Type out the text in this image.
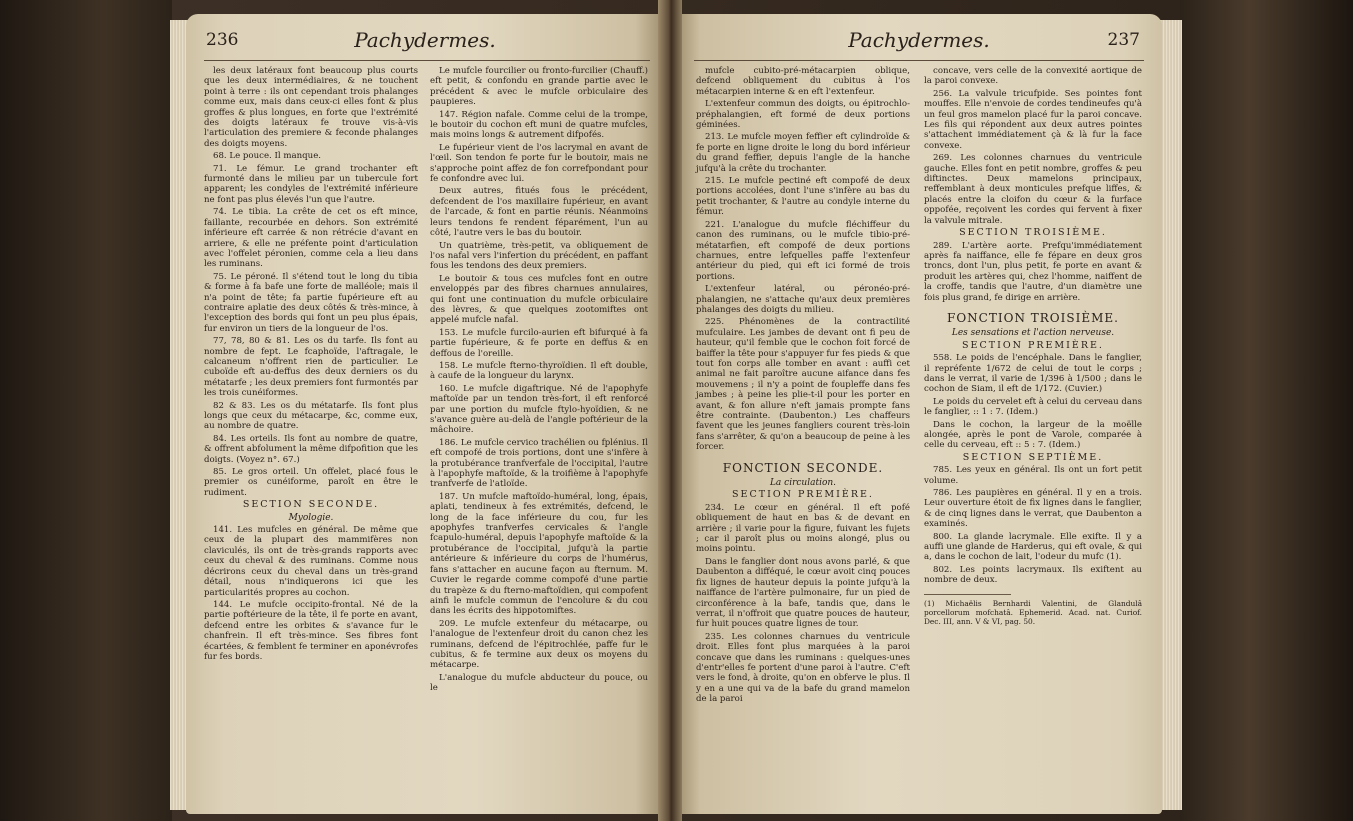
236	Pachydermes.

les deux latéraux font beaucoup plus courts que les deux intermédiaires, & ne touchent point à terre : ils ont cependant trois phalanges comme eux, mais dans ceux-ci elles font & plus groffes & plus longues, en forte que l'extrémité des doigts latéraux fe trouve vis-à-vis l'articulation des premiere & feconde phalanges des doigts moyens.

68. Le pouce. Il manque.

71. Le fémur. Le grand trochanter eft furmonté dans le milieu par un tubercule fort apparent; les condyles de l'extrémité inférieure ne font pas plus élevés l'un que l'autre.

74. Le tibia. La crête de cet os eft mince, faillante, recourbée en dehors. Son extrémité inférieure eft carrée & non rétrécie d'avant en arriere, & elle ne préfente point d'articulation avec l'offelet péronien, comme cela a lieu dans les ruminans.

75. Le péroné. Il s'étend tout le long du tibia & forme à fa bafe une forte de malléole; mais il n'a point de tête; fa partie fupérieure eft au contraire aplatie des deux côtés & très-mince, à l'exception des bords qui font un peu plus épais, fur environ un tiers de la longueur de l'os.

77, 78, 80 & 81. Les os du tarfe. Ils font au nombre de fept. Le fcaphoïde, l'aftragale, le calcaneum n'offrent rien de particulier. Le cuboïde eft au-deffus des deux derniers os du métatarfe ; les deux premiers font furmontés par les trois cunéiformes.

82 & 83. Les os du métatarfe. Ils font plus longs que ceux du métacarpe, &c, comme eux, au nombre de quatre.

84. Les orteils. Ils font au nombre de quatre, & offrent abfolument la même difpofition que les doigts. (Voyez n°. 67.)

85. Le gros orteil. Un offelet, placé fous le premier os cunéiforme, paroît en être le rudiment.

SECTION SECONDE.

Myologie.

141. Les mufcles en général. De même que ceux de la plupart des mammifères non claviculés, ils ont de très-grands rapports avec ceux du cheval & des ruminans. Comme nous décrirons ceux du cheval dans un très-grand détail, nous n'indiquerons ici que les particularités propres au cochon.

144. Le mufcle occipito-frontal. Né de la partie poftérieure de la tête, il fe porte en avant, defcend entre les orbites & s'avance fur le chanfrein. Il eft très-mince. Ses fibres font écartées, & femblent fe terminer en aponévrofes fur fes bords.

Le mufcle fourcilier ou fronto-furcilier (Chauff.) eft petit, & confondu en grande partie avec le précédent & avec le mufcle orbiculaire des paupieres.

147. Région nafale. Comme celui de la trompe, le boutoir du cochon eft muni de quatre mufcles, mais moins longs & autrement difpofés.

Le fupérieur vient de l'os lacrymal en avant de l'œil. Son tendon fe porte fur le boutoir, mais ne s'approche point affez de fon correfpondant pour fe confondre avec lui.

Deux autres, fitués fous le précédent, defcendent de l'os maxillaire fupérieur, en avant de l'arcade, & font en partie réunis. Néanmoins leurs tendons fe rendent féparément, l'un au côté, l'autre vers le bas du boutoir.

Un quatrième, très-petit, va obliquement de l'os nafal vers l'infertion du précédent, en paffant fous les tendons des deux premiers.

Le boutoir & tous ces mufcles font en outre enveloppés par des fibres charnues annulaires, qui font une continuation du mufcle orbiculaire des lèvres, & que quelques zootomiftes ont appelé mufcle nafal.

153. Le mufcle furcilo-aurien eft bifurqué à fa partie fupérieure, & fe porte en deffus & en deffous de l'oreille.

158. Le mufcle fterno-thyroïdien. Il eft double, à caufe de la longueur du larynx.

160. Le mufcle digaftrique. Né de l'apophyfe maftoïde par un tendon très-fort, il eft renforcé par une portion du mufcle ftylo-hyoïdien, & ne s'avance guère au-delà de l'angle poftérieur de la mâchoire.

186. Le mufcle cervico trachélien ou fplénius. Il eft compofé de trois portions, dont une s'infère à la protubérance tranfverfale de l'occipital, l'autre à l'apophyfe maftoïde, & la troifième à l'apophyfe tranfverfe de l'atloïde.

187. Un mufcle maftoïdo-huméral, long, épais, aplati, tendineux à fes extrémités, defcend, le long de la face inférieure du cou, fur les apophyfes tranfverfes cervicales & l'angle fcapulo-huméral, depuis l'apophyfe maftoïde & la protubérance de l'occipital, jufqu'à la partie antérieure & inférieure du corps de l'humérus, fans s'attacher en aucune façon au fternum. M. Cuvier le regarde comme compofé d'une partie du trapèze & du fterno-maftoïdien, qui compofent ainfi le mufcle commun de l'encolure & du cou dans les écrits des hippotomiftes.

209. Le mufcle extenfeur du métacarpe, ou l'analogue de l'extenfeur droit du canon chez les ruminans, defcend de l'épitrochlée, paffe fur le cubitus, & fe termine aux deux os moyens du métacarpe.

L'analogue du mufcle abducteur du pouce, ou le

Pachydermes.	237

mufcle cubito-pré-métacarpien oblique, defcend obliquement du cubitus à l'os métacarpien interne & en eft l'extenfeur.

L'extenfeur commun des doigts, ou épitrochlo-préphalangien, eft formé de deux portions géminées.

213. Le mufcle moyen feffier eft cylindroïde & fe porte en ligne droite le long du bord inférieur du grand feffier, depuis l'angle de la hanche jufqu'à la crête du trochanter.

215. Le mufcle pectiné eft compofé de deux portions accolées, dont l'une s'infère au bas du petit trochanter, & l'autre au condyle interne du fémur.

221. L'analogue du mufcle fléchiffeur du canon des ruminans, ou le mufcle tibio-pré-métatarfien, eft compofé de deux portions charnues, entre lefquelles paffe l'extenfeur antérieur du pied, qui eft ici formé de trois portions.

L'extenfeur latéral, ou péronéo-pré-phalangien, ne s'attache qu'aux deux premières phalanges des doigts du milieu.

225. Phénomènes de la contractilité mufculaire. Les jambes de devant ont fi peu de hauteur, qu'il femble que le cochon foit forcé de baiffer la tête pour s'appuyer fur fes pieds & que tout fon corps alle tomber en avant : auffi cet animal ne fait paroître aucune aifance dans fes mouvemens ; il n'y a point de foupleffe dans fes jambes ; à peine les plie-t-il pour les porter en avant, & fon allure n'eft jamais prompte fans être contrainte. (Daubenton.) Les chaffeurs favent que les jeunes fangliers courent très-loin fans s'arrêter, & qu'on a beaucoup de peine à les forcer.

FONCTION SECONDE.

La circulation.

SECTION PREMIÈRE.

234. Le cœur en général. Il eft pofé obliquement de haut en bas & de devant en arrière ; il varie pour la figure, fuivant les fujets ; car il paroît plus ou moins alongé, plus ou moins pointu.

Dans le fanglier dont nous avons parlé, & que Daubenton a difféqué, le cœur avoit cinq pouces fix lignes de hauteur depuis la pointe jufqu'à la naiffance de l'artère pulmonaire, fur un pied de circonférence à la bafe, tandis que, dans le verrat, il n'offroit que quatre pouces de hauteur, fur huit pouces quatre lignes de tour.

235. Les colonnes charnues du ventricule droit. Elles font plus marquées à la paroi concave que dans les ruminans : quelques-unes d'entr'elles fe portent d'une paroi à l'autre. C'eft vers le fond, à droite, qu'on en obferve le plus. Il y en a une qui va de la bafe du grand mamelon de la paroi

concave, vers celle de la convexité aortique de la paroi convexe.

256. La valvule tricufpide. Ses pointes font mouffes. Elle n'envoie de cordes tendineufes qu'à un feul gros mamelon placé fur la paroi concave. Les fils qui répondent aux deux autres pointes s'attachent immédiatement çà & là fur la face convexe.

269. Les colonnes charnues du ventricule gauche. Elles font en petit nombre, groffes & peu diftinctes. Deux mamelons principaux, reffemblant à deux monticules prefque liffes, & placés entre la cloifon du cœur & la furface oppofée, reçoivent les cordes qui fervent à fixer la valvule mitrale.

SECTION TROISIÈME.

289. L'artère aorte. Prefqu'immédiatement après fa naiffance, elle fe fépare en deux gros troncs, dont l'un, plus petit, fe porte en avant & produit les artères qui, chez l'homme, naiffent de la croffe, tandis que l'autre, d'un diamètre une fois plus grand, fe dirige en arrière.

FONCTION TROISIÈME.

Les sensations et l'action nerveuse.

SECTION PREMIÈRE.

558. Le poids de l'encéphale. Dans le fanglier, il repréfente 1/672 de celui de tout le corps ; dans le verrat, il varie de 1/396 à 1/500 ; dans le cochon de Siam, il eft de 1/172. (Cuvier.)

Le poids du cervelet eft à celui du cerveau dans le fanglier, :: 1 : 7. (Idem.)

Dans le cochon, la largeur de la moëlle alongée, après le pont de Varole, comparée à celle du cerveau, eft :: 5 : 7. (Idem.)

SECTION SEPTIÈME.

785. Les yeux en général. Ils ont un fort petit volume.

786. Les paupières en général. Il y en a trois. Leur ouverture étoit de fix lignes dans le fanglier, & de cinq lignes dans le verrat, que Daubenton a examinés.

800. La glande lacrymale. Elle exifte. Il y a auffi une glande de Harderus, qui eft ovale, & qui a, dans le cochon de lait, l'odeur du mufc (1).

802. Les points lacrymaux. Ils exiftent au nombre de deux.

(1) Michaëlis Bernhardi Valentini, de Glandulâ porcellorum mofchatâ. Ephemerid. Acad. nat. Curiof. Dec. III, ann. V & VI, pag. 50.
